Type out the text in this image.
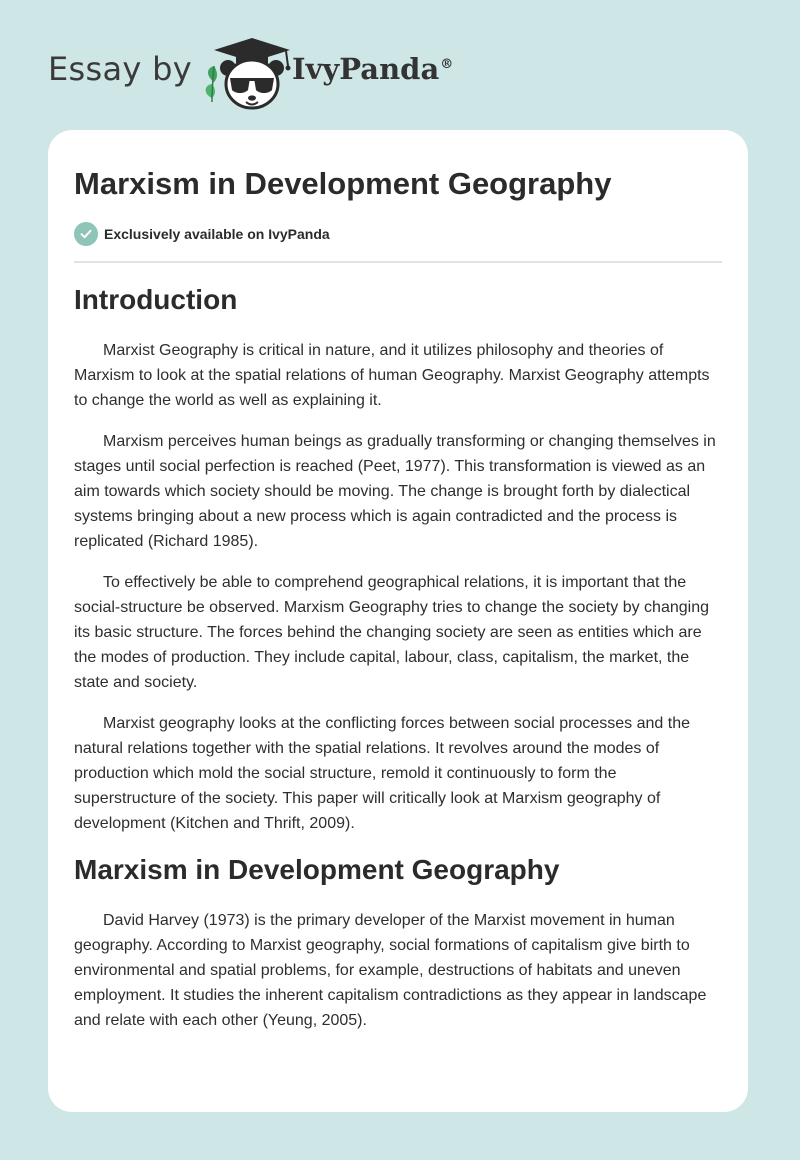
Essay by	IvyPanda®
Marxism in Development Geography
Exclusively available on IvyPanda
Introduction

Marxist Geography is critical in nature, and it utilizes philosophy and theories of Marxism to look at the spatial relations of human Geography. Marxist Geography attempts to change the world as well as explaining it.

Marxism perceives human beings as gradually transforming or changing themselves in stages until social perfection is reached (Peet, 1977). This transformation is viewed as an aim towards which society should be moving. The change is brought forth by dialectical systems bringing about a new process which is again contradicted and the process is replicated (Richard 1985).

To effectively be able to comprehend geographical relations, it is important that the social-structure be observed. Marxism Geography tries to change the society by changing its basic structure. The forces behind the changing society are seen as entities which are the modes of production. They include capital, labour, class, capitalism, the market, the state and society.

Marxist geography looks at the conflicting forces between social processes and the natural relations together with the spatial relations. It revolves around the modes of production which mold the social structure, remold it continuously to form the superstructure of the society. This paper will critically look at Marxism geography of development (Kitchen and Thrift, 2009).

Marxism in Development Geography

David Harvey (1973) is the primary developer of the Marxist movement in human geography. According to Marxist geography, social formations of capitalism give birth to environmental and spatial problems, for example, destructions of habitats and uneven employment. It studies the inherent capitalism contradictions as they appear in landscape and relate with each other (Yeung, 2005).
